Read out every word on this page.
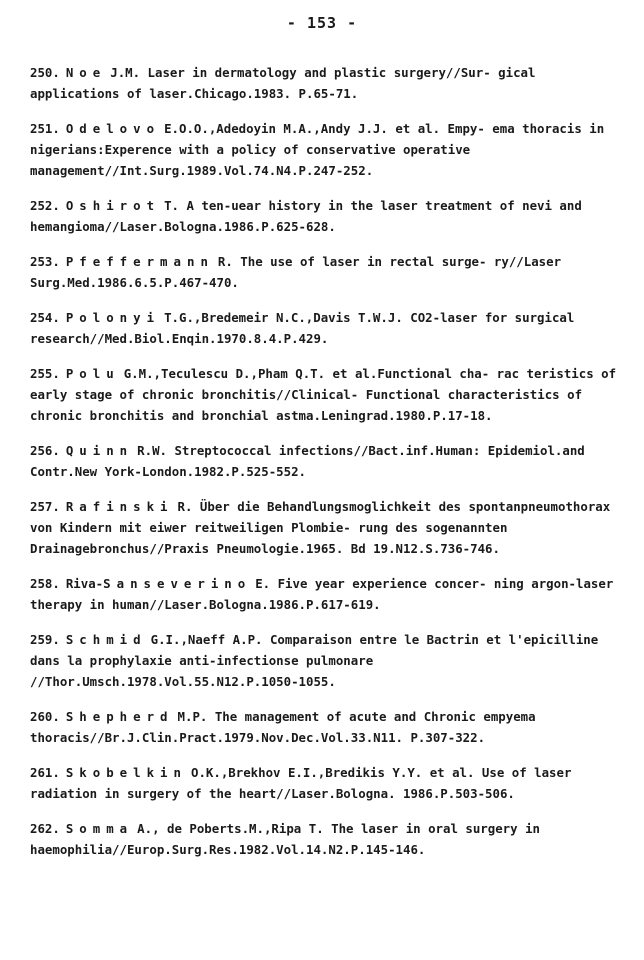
- 153 -

250. Noe J.M. Laser in dermatology and plastic surgery//Sur- gical applications of laser.Chicago.1983. P.65-71.

251. Odelovo E.O.O.,Adedoyin M.A.,Andy J.J. et al. Empy- ema thoracis in nigerians:Experence with a policy of conservative operative management//Int.Surg.1989.Vol.74.N4.P.247-252.

252. Oshirot T. A ten-uear history in the laser treatment of nevi and hemangioma//Laser.Bologna.1986.P.625-628.

253. Pfeffermann R. The use of laser in rectal surge- ry//Laser Surg.Med.1986.6.5.P.467-470.

254. Polonyi T.G.,Bredemeir N.C.,Davis T.W.J. CO2-laser for surgical research//Med.Biol.Enqin.1970.8.4.P.429.

255. Polu G.M.,Teculescu D.,Pham Q.T. et al.Functional cha- rac teristics of early stage of chronic bronchitis//Clinical- Functional characteristics of chronic bronchitis and bronchial astma.Leningrad.1980.P.17-18.

256. Quinn R.W. Streptococcal infections//Bact.inf.Human: Epidemiol.and Contr.New York-London.1982.P.525-552.

257. Rafinski R. Über die Behandlungsmoglichkeit des spontanpneumothorax von Kindern mit eiwer reitweiligen Plombie- rung des sogenannten Drainagebronchus//Praxis Pneumologie.1965. Bd 19.N12.S.736-746.

258. Riva-Sanseverino E. Five year experience concer- ning argon-laser therapy in human//Laser.Bologna.1986.P.617-619.

259. Schmid G.I.,Naeff A.P. Comparaison entre le Bactrin et l'epicilline dans la prophylaxie anti-infectionse pulmonare //Thor.Umsch.1978.Vol.55.N12.P.1050-1055.

260. Shepherd M.P. The management of acute and Chronic empyema thoracis//Br.J.Clin.Pract.1979.Nov.Dec.Vol.33.N11. P.307-322.

261. Skobelkin O.K.,Brekhov E.I.,Bredikis Y.Y. et al. Use of laser radiation in surgery of the heart//Laser.Bologna. 1986.P.503-506.

262. Somma A., de Poberts.M.,Ripa T. The laser in oral surgery in haemophilia//Europ.Surg.Res.1982.Vol.14.N2.P.145-146.
